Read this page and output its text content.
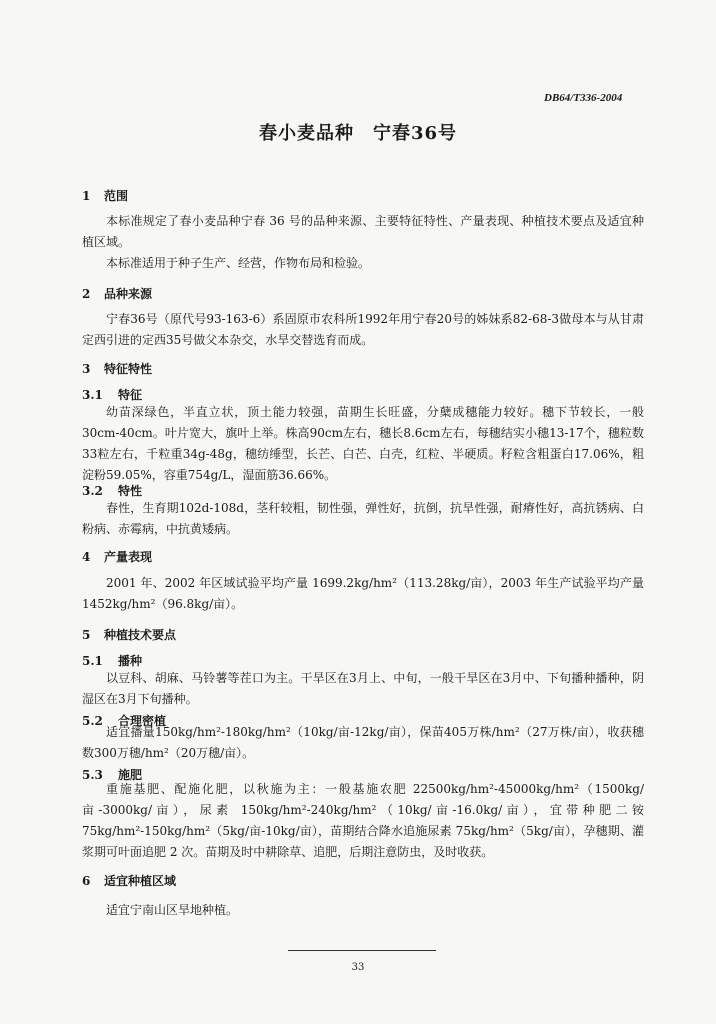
DB64/T336-2004
春小麦品种　宁春36号
1 范围
本标准规定了春小麦品种宁春 36 号的品种来源、主要特征特性、产量表现、种植技术要点及适宜种植区域。
本标准适用于种子生产、经营，作物布局和检验。
2 品种来源
宁春36号（原代号93-163-6）系固原市农科所1992年用宁春20号的姊妹系82-68-3做母本与从甘肃定西引进的定西35号做父本杂交，水旱交替选育而成。
3 特征特性
3.1 特征
幼苗深绿色，半直立状，顶土能力较强，苗期生长旺盛，分蘖成穗能力较好。穗下节较长，一般30cm-40cm。叶片宽大，旗叶上举。株高90cm左右，穗长8.6cm左右，每穗结实小穗13-17个，穗粒数33粒左右，千粒重34g-48g，穗纺缍型，长芒、白芒、白壳，红粒、半硬质。籽粒含粗蛋白17.06%，粗淀粉59.05%，容重754g/L，湿面筋36.66%。
3.2 特性
春性，生育期102d-108d，茎秆较粗，韧性强，弹性好，抗倒，抗旱性强，耐瘠性好，高抗锈病、白粉病、赤霉病，中抗黄矮病。
4 产量表现
2001 年、2002 年区域试验平均产量 1699.2kg/hm²（113.28kg/亩），2003 年生产试验平均产量1452kg/hm²（96.8kg/亩）。
5 种植技术要点
5.1 播种
以豆科、胡麻、马铃薯等茬口为主。干旱区在3月上、中旬，一般干旱区在3月中、下旬播种播种，阴湿区在3月下旬播种。
5.2 合理密植
适宜播量150kg/hm²-180kg/hm²（10kg/亩-12kg/亩），保苗405万株/hm²（27万株/亩），收获穗数300万穗/hm²（20万穗/亩）。
5.3 施肥
重施基肥、配施化肥，以秋施为主：一般基施农肥 22500kg/hm²-45000kg/hm²（1500kg/亩-3000kg/亩），尿素 150kg/hm²-240kg/hm²（10kg/亩-16.0kg/亩），宜带种肥二铵 75kg/hm²-150kg/hm²（5kg/亩-10kg/亩），苗期结合降水追施尿素 75kg/hm²（5kg/亩），孕穗期、灌浆期可叶面追肥 2 次。苗期及时中耕除草、追肥，后期注意防虫，及时收获。
6 适宜种植区域
适宜宁南山区旱地种植。
33
